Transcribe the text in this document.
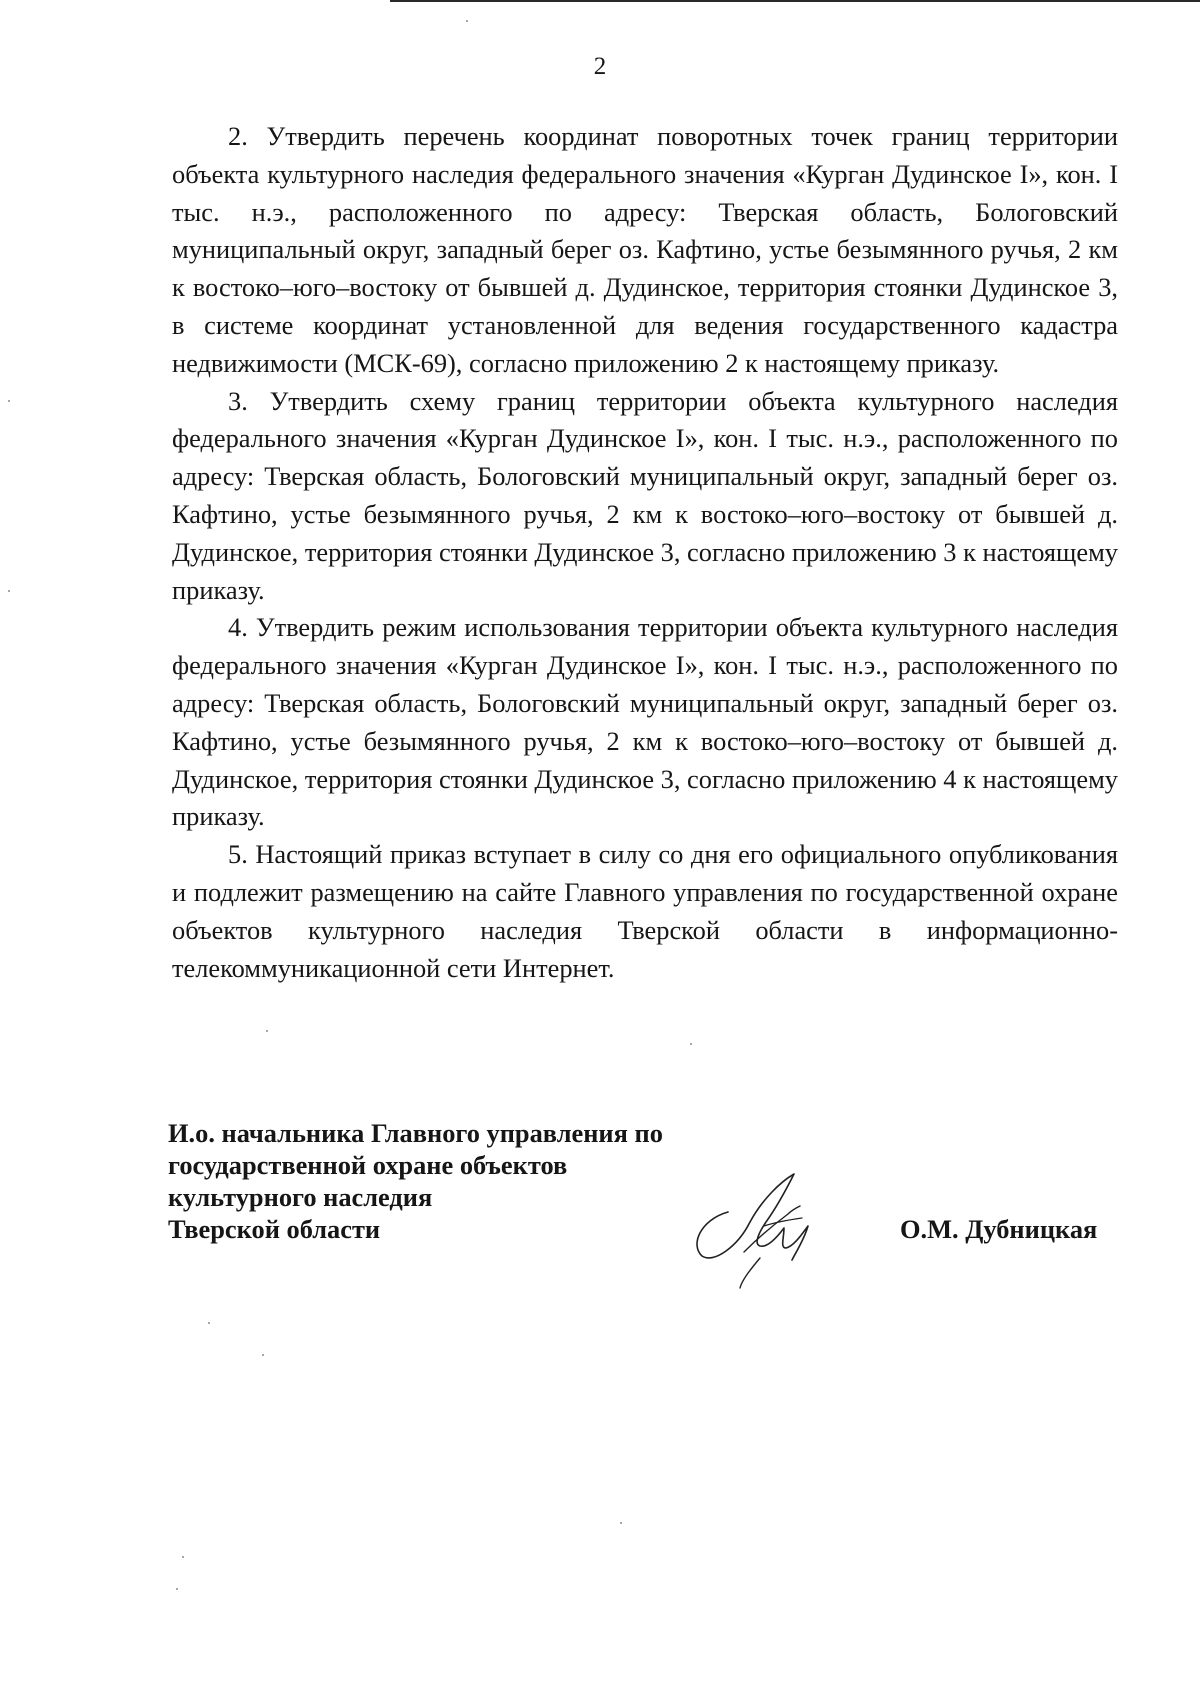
2

2. Утвердить перечень координат поворотных точек границ территории объекта культурного наследия федерального значения «Курган Дудинское I», кон. I тыс. н.э., расположенного по адресу: Тверская область, Бологовский муниципальный округ, западный берег оз. Кафтино, устье безымянного ручья, 2 км к востоко–юго–востоку от бывшей д. Дудинское, территория стоянки Дудинское 3, в системе координат установленной для ведения государственного кадастра недвижимости (МСК-69), согласно приложению 2 к настоящему приказу.

3. Утвердить схему границ территории объекта культурного наследия федерального значения «Курган Дудинское I», кон. I тыс. н.э., расположенного по адресу: Тверская область, Бологовский муниципальный округ, западный берег оз. Кафтино, устье безымянного ручья, 2 км к востоко–юго–востоку от бывшей д. Дудинское, территория стоянки Дудинское 3, согласно приложению 3 к настоящему приказу.

4. Утвердить режим использования территории объекта культурного наследия федерального значения «Курган Дудинское I», кон. I тыс. н.э., расположенного по адресу: Тверская область, Бологовский муниципальный округ, западный берег оз. Кафтино, устье безымянного ручья, 2 км к востоко–юго–востоку от бывшей д. Дудинское, территория стоянки Дудинское 3, согласно приложению 4 к настоящему приказу.

5. Настоящий приказ вступает в силу со дня его официального опубликования и подлежит размещению на сайте Главного управления по государственной охране объектов культурного наследия Тверской области в информационно-телекоммуникационной сети Интернет.

И.о. начальника Главного управления по
государственной охране объектов
культурного наследия
Тверской области	О.М. Дубницкая
